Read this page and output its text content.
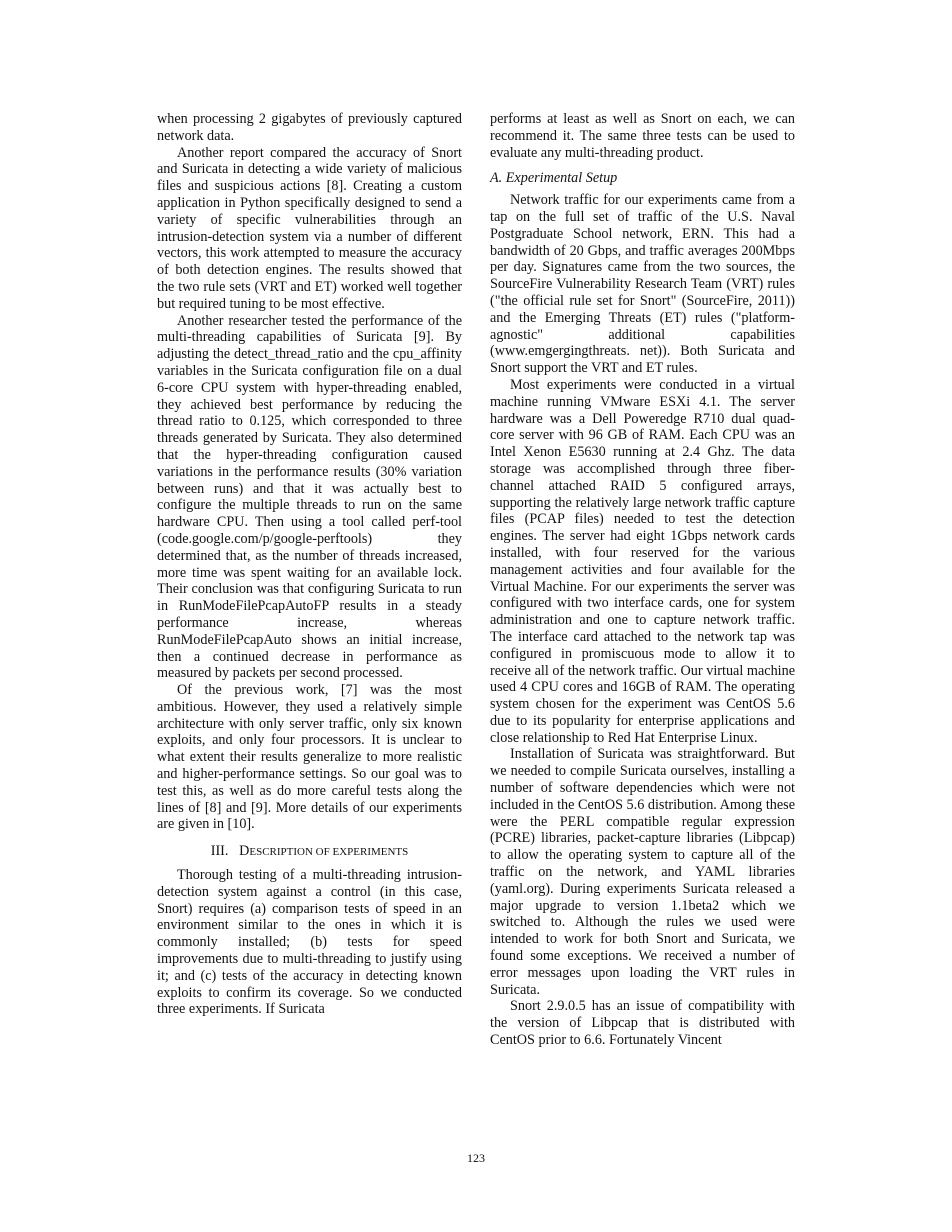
when processing 2 gigabytes of previously captured network data.

Another report compared the accuracy of Snort and Suricata in detecting a wide variety of malicious files and suspicious actions [8]. Creating a custom application in Python specifically designed to send a variety of specific vulnerabilities through an intrusion-detection system via a number of different vectors, this work attempted to measure the accuracy of both detection engines. The results showed that the two rule sets (VRT and ET) worked well together but required tuning to be most effective.

Another researcher tested the performance of the multi-threading capabilities of Suricata [9]. By adjusting the detect_thread_ratio and the cpu_affinity variables in the Suricata configuration file on a dual 6-core CPU system with hyper-threading enabled, they achieved best performance by reducing the thread ratio to 0.125, which corresponded to three threads generated by Suricata. They also determined that the hyper-threading configuration caused variations in the performance results (30% variation between runs) and that it was actually best to configure the multiple threads to run on the same hardware CPU. Then using a tool called perf-tool (code.google.com/p/google-perftools) they determined that, as the number of threads increased, more time was spent waiting for an available lock. Their conclusion was that configuring Suricata to run in RunModeFilePcapAutoFP results in a steady performance increase, whereas RunModeFilePcapAuto shows an initial increase, then a continued decrease in performance as measured by packets per second processed.

Of the previous work, [7] was the most ambitious. However, they used a relatively simple architecture with only server traffic, only six known exploits, and only four processors. It is unclear to what extent their results generalize to more realistic and higher-performance settings. So our goal was to test this, as well as do more careful tests along the lines of [8] and [9]. More details of our experiments are given in [10].

III. DESCRIPTION OF EXPERIMENTS

Thorough testing of a multi-threading intrusion-detection system against a control (in this case, Snort) requires (a) comparison tests of speed in an environment similar to the ones in which it is commonly installed; (b) tests for speed improvements due to multi-threading to justify using it; and (c) tests of the accuracy in detecting known exploits to confirm its coverage. So we conducted three experiments. If Suricata

performs at least as well as Snort on each, we can recommend it. The same three tests can be used to evaluate any multi-threading product.

A. Experimental Setup

Network traffic for our experiments came from a tap on the full set of traffic of the U.S. Naval Postgraduate School network, ERN. This had a bandwidth of 20 Gbps, and traffic averages 200Mbps per day. Signatures came from the two sources, the SourceFire Vulnerability Research Team (VRT) rules ("the official rule set for Snort" (SourceFire, 2011)) and the Emerging Threats (ET) rules ("platform-agnostic" additional capabilities (www.emgergingthreats. net)). Both Suricata and Snort support the VRT and ET rules.

Most experiments were conducted in a virtual machine running VMware ESXi 4.1. The server hardware was a Dell Poweredge R710 dual quad-core server with 96 GB of RAM. Each CPU was an Intel Xenon E5630 running at 2.4 Ghz. The data storage was accomplished through three fiber-channel attached RAID 5 configured arrays, supporting the relatively large network traffic capture files (PCAP files) needed to test the detection engines. The server had eight 1Gbps network cards installed, with four reserved for the various management activities and four available for the Virtual Machine. For our experiments the server was configured with two interface cards, one for system administration and one to capture network traffic. The interface card attached to the network tap was configured in promiscuous mode to allow it to receive all of the network traffic. Our virtual machine used 4 CPU cores and 16GB of RAM. The operating system chosen for the experiment was CentOS 5.6 due to its popularity for enterprise applications and close relationship to Red Hat Enterprise Linux.

Installation of Suricata was straightforward. But we needed to compile Suricata ourselves, installing a number of software dependencies which were not included in the CentOS 5.6 distribution. Among these were the PERL compatible regular expression (PCRE) libraries, packet-capture libraries (Libpcap) to allow the operating system to capture all of the traffic on the network, and YAML libraries (yaml.org). During experiments Suricata released a major upgrade to version 1.1beta2 which we switched to. Although the rules we used were intended to work for both Snort and Suricata, we found some exceptions. We received a number of error messages upon loading the VRT rules in Suricata.

Snort 2.9.0.5 has an issue of compatibility with the version of Libpcap that is distributed with CentOS prior to 6.6. Fortunately Vincent

123
